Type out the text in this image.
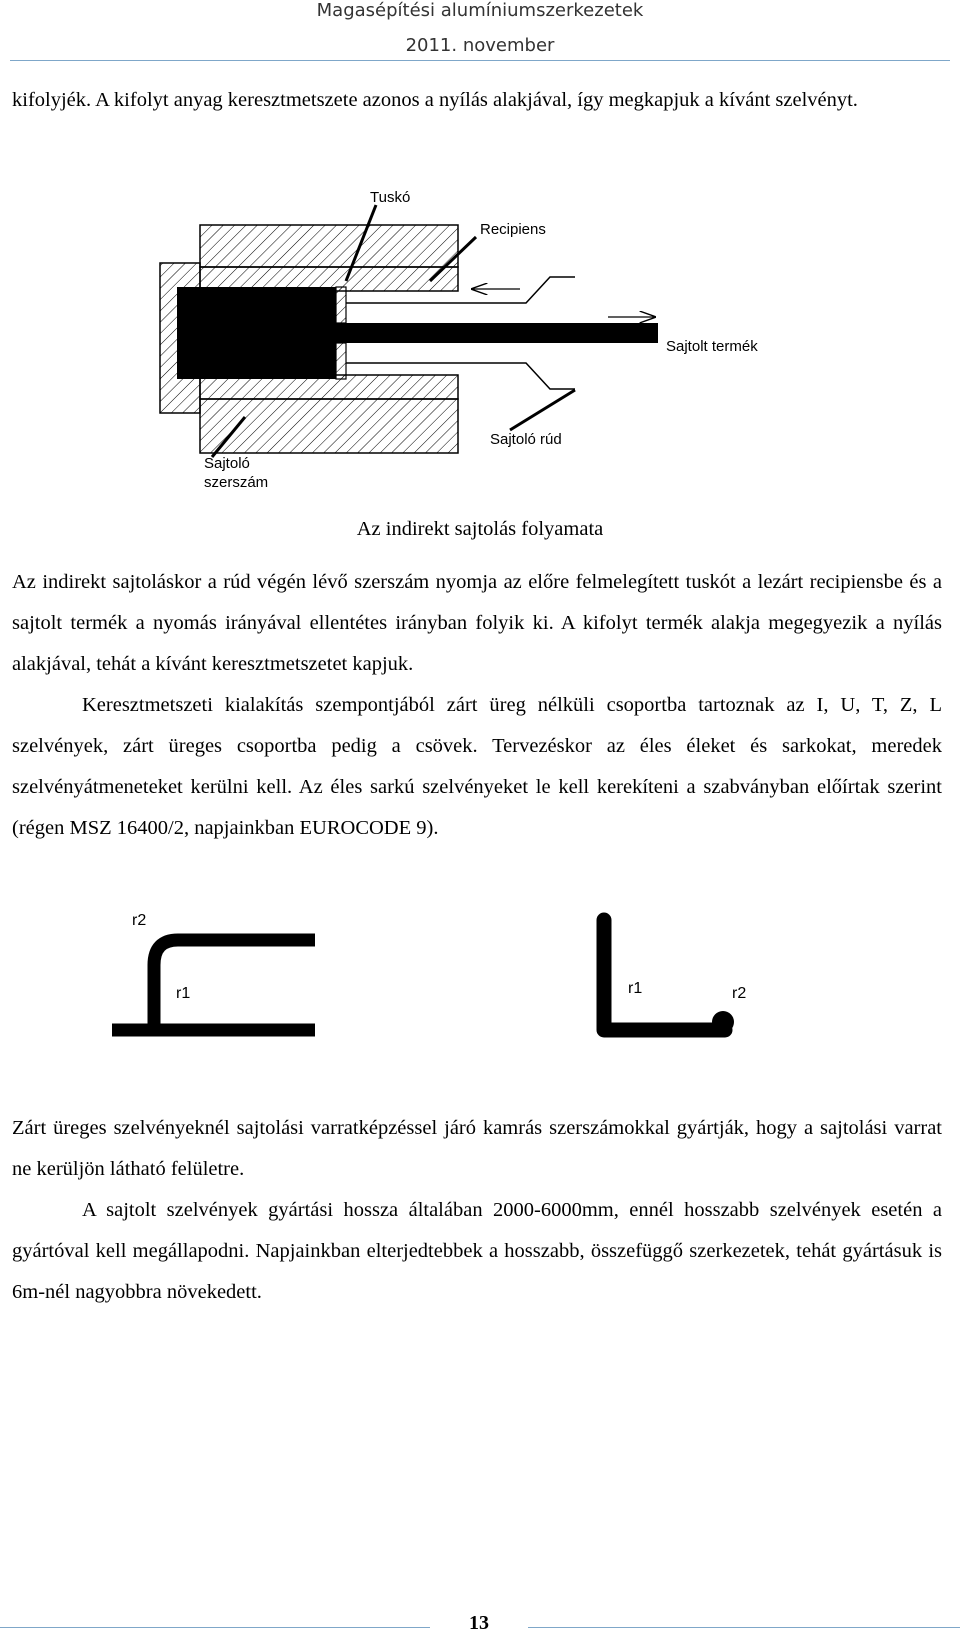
Magasépítési alumíniumszerkezetek
2011. november
kifolyjék. A kifolyt anyag keresztmetszete azonos a nyílás alakjával, így megkapjuk a kívánt szelvényt.
Tuskó
Recipiens
Sajtolt termék
Sajtoló rúd
Sajtoló
szerszám
Az indirekt sajtolás folyamata
Az indirekt sajtoláskor a rúd végén lévő szerszám nyomja az előre felmelegített tuskót a lezárt recipiensbe és a sajtolt termék a nyomás irányával ellentétes irányban folyik ki. A kifolyt termék alakja megegyezik a nyílás alakjával, tehát a kívánt keresztmetszetet kapjuk.
Keresztmetszeti kialakítás szempontjából zárt üreg nélküli csoportba tartoznak az I, U, T, Z, L szelvények, zárt üreges csoportba pedig a csövek. Tervezéskor az éles éleket és sarkokat, meredek szelvényátmeneteket kerülni kell. Az éles sarkú szelvényeket le kell kerekíteni a szabványban előírtak szerint (régen MSZ 16400/2, napjainkban EUROCODE 9).
r2
r1	r1	r2
Zárt üreges szelvényeknél sajtolási varratképzéssel járó kamrás szerszámokkal gyártják, hogy a sajtolási varrat ne kerüljön látható felületre.
A sajtolt szelvények gyártási hossza általában 2000-6000mm, ennél hosszabb szelvények esetén a gyártóval kell megállapodni. Napjainkban elterjedtebbek a hosszabb, összefüggő szerkezetek, tehát gyártásuk is 6m-nél nagyobbra növekedett.
13
